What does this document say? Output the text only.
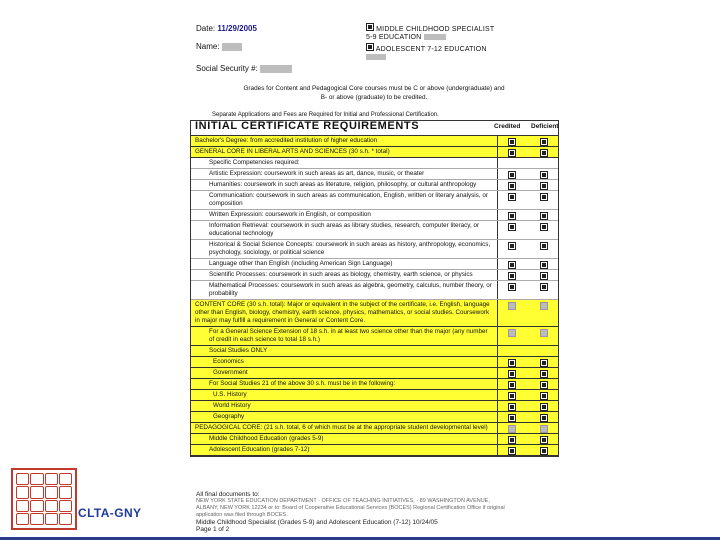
Date: 11/29/2005
Name:
Social Security #:
MIDDLE CHILDHOOD SPECIALIST
5-9 EDUCATION
ADOLESCENT 7-12 EDUCATION
Grades for Content and Pedagogical Core courses must be C or above (undergraduate) and
B- or above (graduate) to be credited.
Separate Applications and Fees are Required for Initial and Professional Certification.
INITIAL CERTIFICATE REQUIREMENTS	Credited Deficient
Bachelor's Degree: from accredited institution of higher education
GENERAL CORE IN LIBERAL ARTS AND SCIENCES (30 s.h. * total)
Specific Competencies required:
Artistic Expression: coursework in such areas as art, dance, music, or theater
Humanities: coursework in such areas as literature, religion, philosophy, or cultural anthropology
Communication: coursework in such areas as communication, English, written or literary analysis, or composition
Written Expression: coursework in English, or composition
Information Retrieval: coursework in such areas as library studies, research, computer literacy, or educational technology
Historical & Social Science Concepts: coursework in such areas as history, anthropology, economics, psychology, sociology, or political science
Language other than English (including American Sign Language)
Scientific Processes: coursework in such areas as biology, chemistry, earth science, or physics
Mathematical Processes: coursework in such areas as algebra, geometry, calculus, number theory, or probability
CONTENT CORE (30 s.h. total): Major or equivalent in the subject of the certificate, i.e. English, language other than English, biology, chemistry, earth science, physics, mathematics, or social studies. Coursework in major may fulfill a requirement in General or Content Core.
For a General Science Extension of 18 s.h. in at least two science other than the major (any number of credit in each science to total 18 s.h.)
Social Studies ONLY
Economics
Government
For Social Studies 21 of the above 30 s.h. must be in the following:
U.S. History
World History
Geography
PEDAGOGICAL CORE: (21 s.h. total, 6 of which must be at the appropriate student developmental level)
Middle Childhood Education (grades 5-9)
Adolescent Education (grades 7-12)
All final documents to:
NEW YORK STATE EDUCATION DEPARTMENT · OFFICE OF TEACHING INITIATIVES, · 89 WASHINGTON AVENUE,
ALBANY, NEW YORK 12234 or to: Board of Cooperative Educational Services (BOCES) Regional Certification Office if original
application was filed through BOCES.
Middle Childhood Specialist (Grades 5-9) and Adolescent Education (7-12) 10/24/05
Page 1 of 2
CLTA-GNY
